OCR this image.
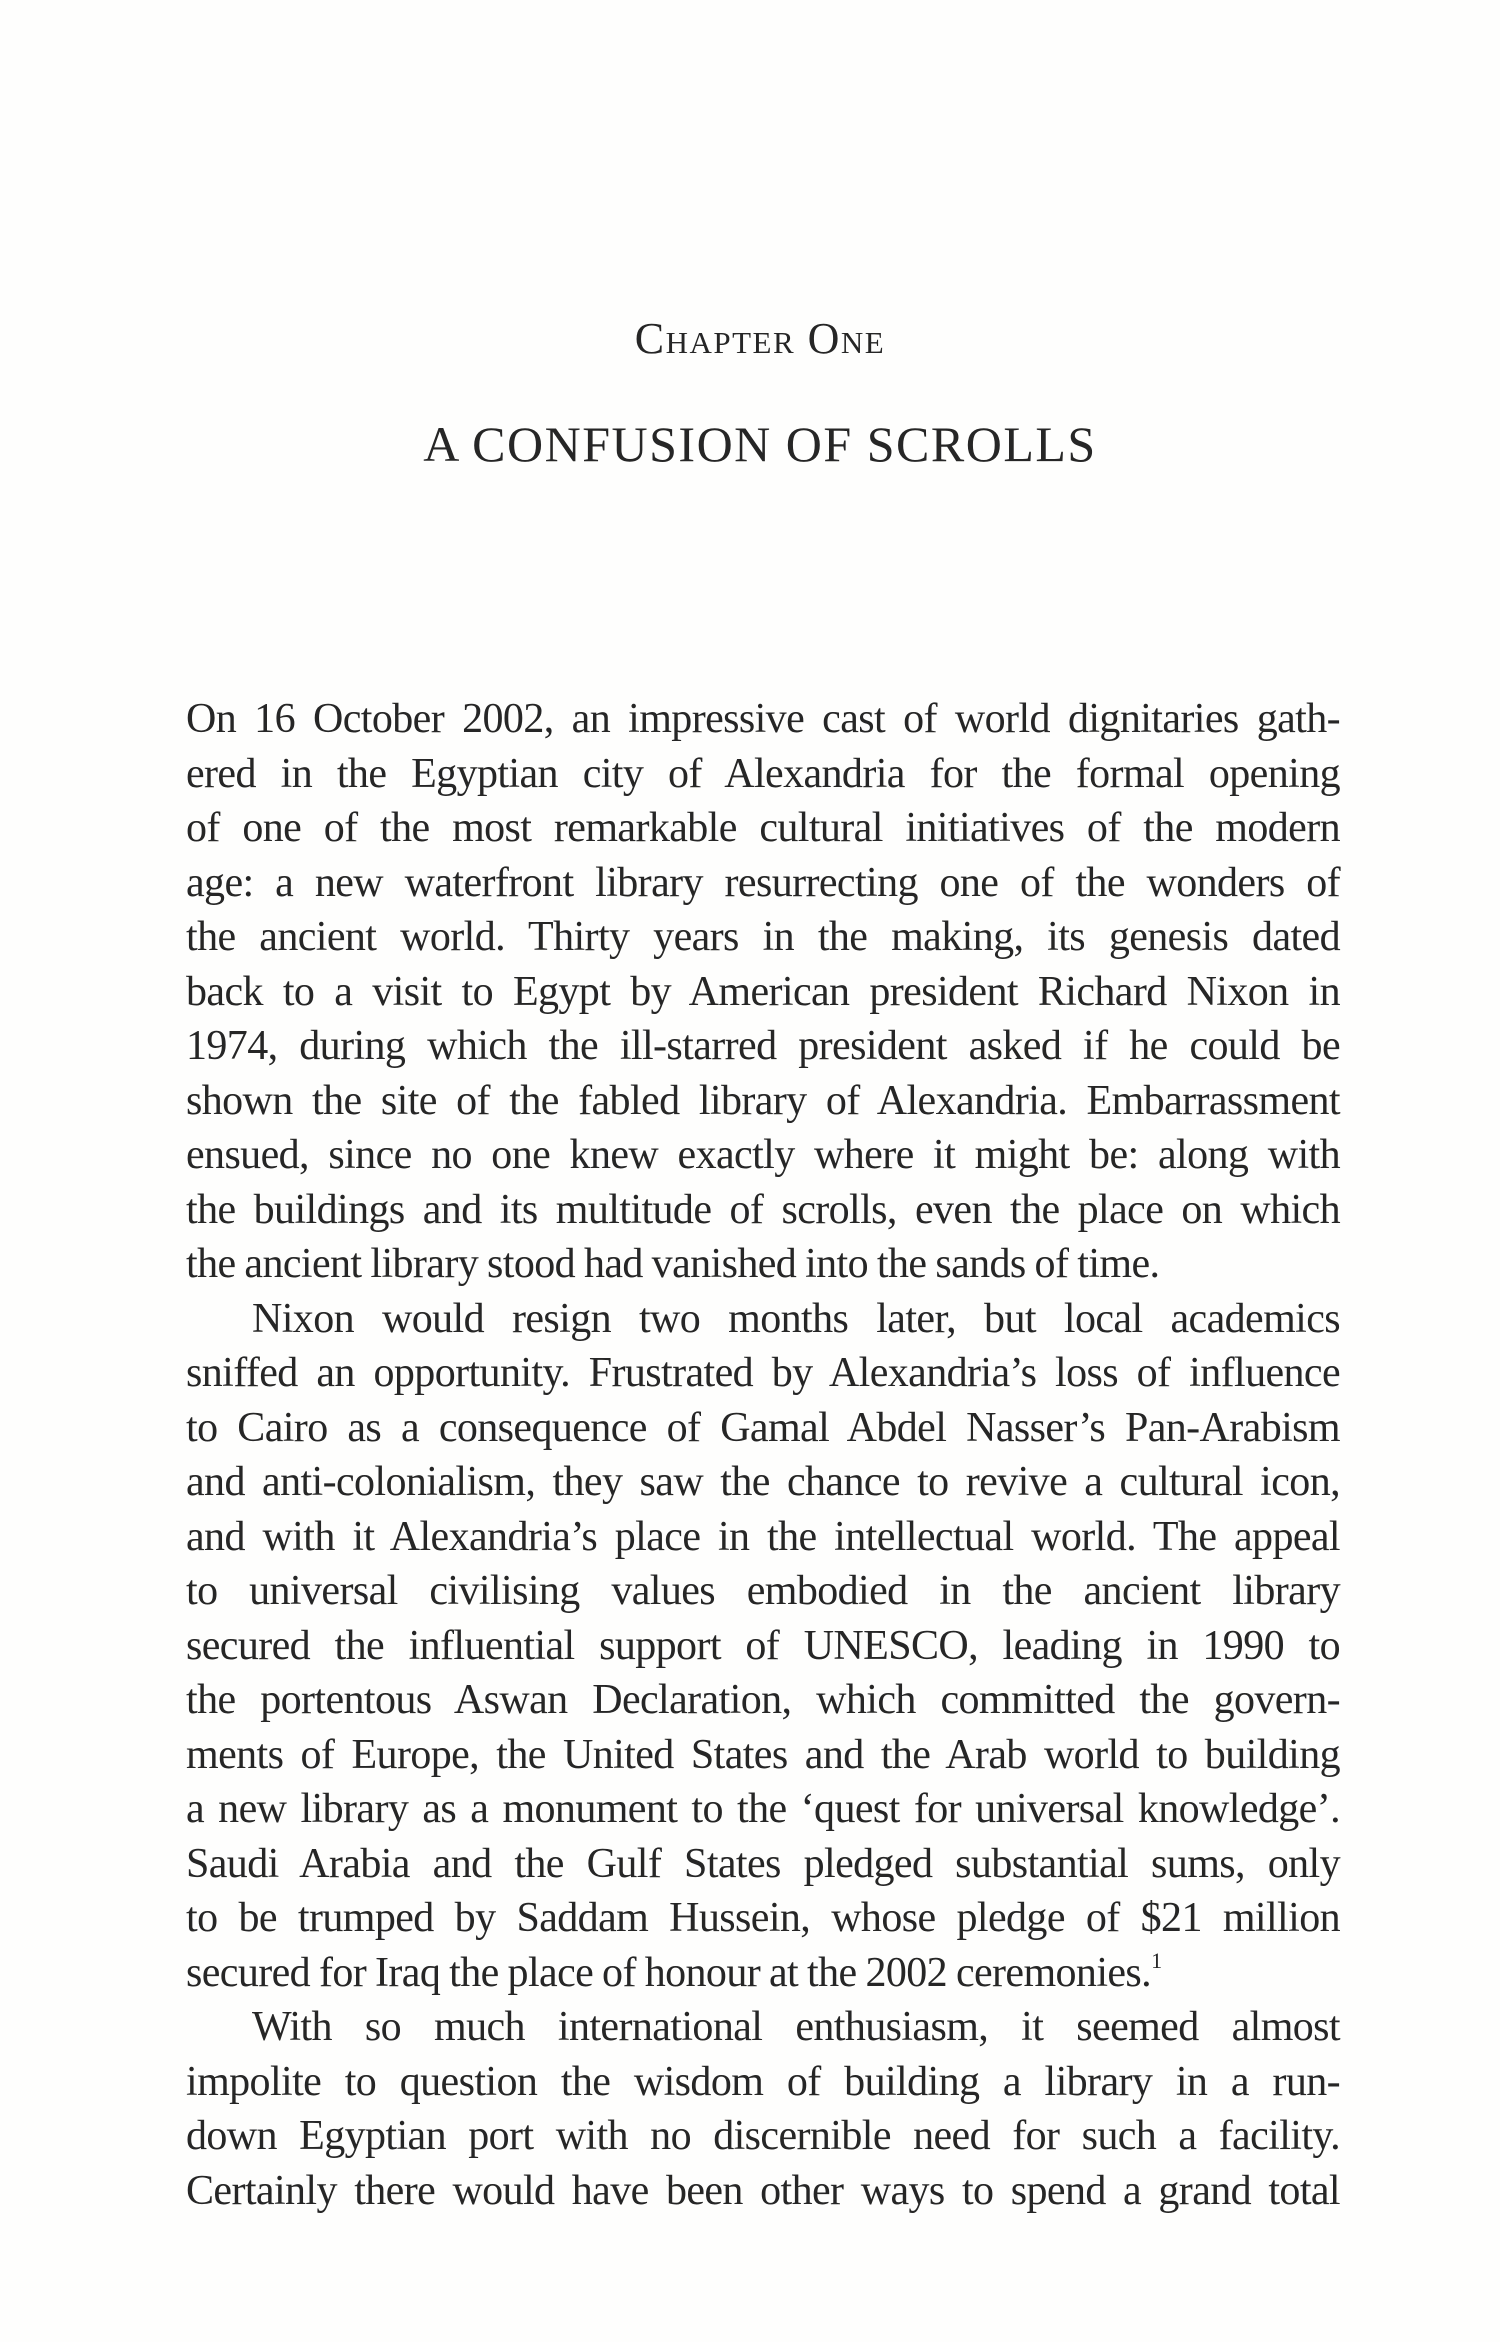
Chapter One
A CONFUSION OF SCROLLS
On 16 October 2002, an impressive cast of world dignitaries gath-
ered in the Egyptian city of Alexandria for the formal opening
of one of the most remarkable cultural initiatives of the modern
age: a new waterfront library resurrecting one of the wonders of
the ancient world. Thirty years in the making, its genesis dated
back to a visit to Egypt by American president Richard Nixon in
1974, during which the ill-starred president asked if he could be
shown the site of the fabled library of Alexandria. Embarrassment
ensued, since no one knew exactly where it might be: along with
the buildings and its multitude of scrolls, even the place on which
the ancient library stood had vanished into the sands of time.
Nixon would resign two months later, but local academics
sniffed an opportunity. Frustrated by Alexandria’s loss of influence
to Cairo as a consequence of Gamal Abdel Nasser’s Pan-Arabism
and anti-colonialism, they saw the chance to revive a cultural icon,
and with it Alexandria’s place in the intellectual world. The appeal
to universal civilising values embodied in the ancient library
secured the influential support of UNESCO, leading in 1990 to
the portentous Aswan Declaration, which committed the govern-
ments of Europe, the United States and the Arab world to building
a new library as a monument to the ‘quest for universal knowledge’.
Saudi Arabia and the Gulf States pledged substantial sums, only
to be trumped by Saddam Hussein, whose pledge of $21 million
secured for Iraq the place of honour at the 2002 ceremonies.$^1$
With so much international enthusiasm, it seemed almost
impolite to question the wisdom of building a library in a run-
down Egyptian port with no discernible need for such a facility.
Certainly there would have been other ways to spend a grand total
